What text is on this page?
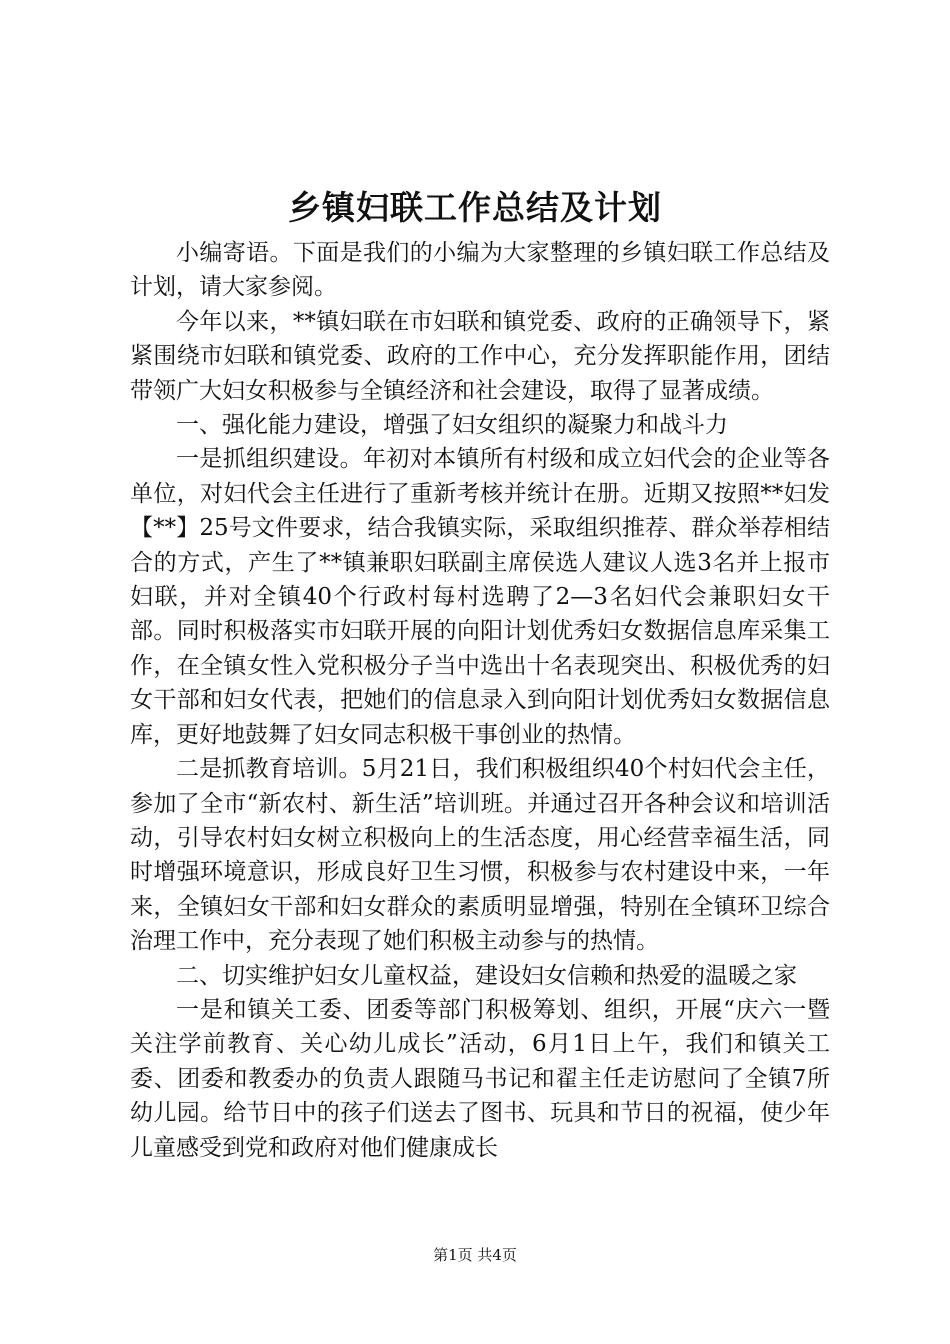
乡镇妇联工作总结及计划

小编寄语。下面是我们的小编为大家整理的乡镇妇联工作总结及计划，请大家参阅。

今年以来，**镇妇联在市妇联和镇党委、政府的正确领导下，紧紧围绕市妇联和镇党委、政府的工作中心，充分发挥职能作用，团结带领广大妇女积极参与全镇经济和社会建设，取得了显著成绩。

一、强化能力建设，增强了妇女组织的凝聚力和战斗力

一是抓组织建设。年初对本镇所有村级和成立妇代会的企业等各单位，对妇代会主任进行了重新考核并统计在册。近期又按照**妇发【**】25号文件要求，结合我镇实际，采取组织推荐、群众举荐相结合的方式，产生了**镇兼职妇联副主席侯选人建议人选3名并上报市妇联，并对全镇40个行政村每村选聘了2—3名妇代会兼职妇女干部。同时积极落实市妇联开展的向阳计划优秀妇女数据信息库采集工作，在全镇女性入党积极分子当中选出十名表现突出、积极优秀的妇女干部和妇女代表，把她们的信息录入到向阳计划优秀妇女数据信息库，更好地鼓舞了妇女同志积极干事创业的热情。

二是抓教育培训。5月21日，我们积极组织40个村妇代会主任，参加了全市“新农村、新生活”培训班。并通过召开各种会议和培训活动，引导农村妇女树立积极向上的生活态度，用心经营幸福生活，同时增强环境意识，形成良好卫生习惯，积极参与农村建设中来，一年来，全镇妇女干部和妇女群众的素质明显增强，特别在全镇环卫综合治理工作中，充分表现了她们积极主动参与的热情。

二、切实维护妇女儿童权益，建设妇女信赖和热爱的温暖之家

一是和镇关工委、团委等部门积极筹划、组织，开展“庆六一暨关注学前教育、关心幼儿成长”活动，6月1日上午，我们和镇关工委、团委和教委办的负责人跟随马书记和翟主任走访慰问了全镇7所幼儿园。给节日中的孩子们送去了图书、玩具和节日的祝福，使少年儿童感受到党和政府对他们健康成长

第1页 共4页
